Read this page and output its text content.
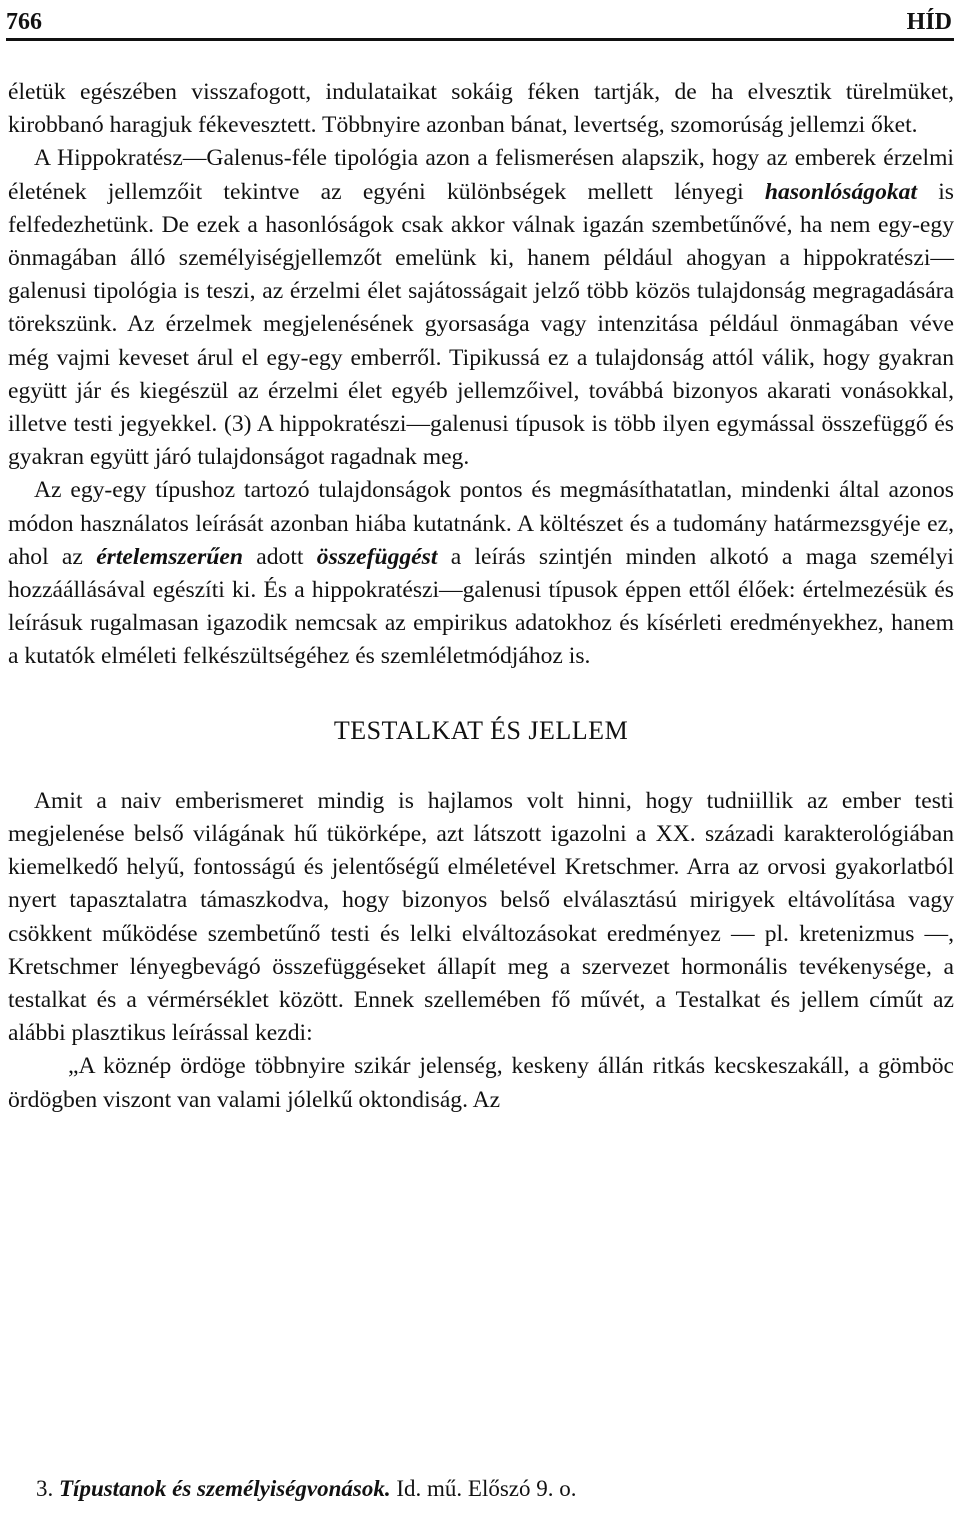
766	HÍD

életük egészében visszafogott, indulataikat sokáig féken tartják, de ha elvesztik türelmüket, kirobbanó haragjuk fékevesztett. Többnyire azonban bánat, levertség, szomorúság jellemzi őket.

A Hippokratész—Galenus-féle tipológia azon a felismerésen alapszik, hogy az emberek érzelmi életének jellemzőit tekintve az egyéni különbségek mellett lényegi hasonlóságokat is felfedezhetünk. De ezek a hasonlóságok csak akkor válnak igazán szembetűnővé, ha nem egy-egy önmagában álló személyiségjellemzőt emelünk ki, hanem például ahogyan a hippokratészi—galenusi tipológia is teszi, az érzelmi élet sajátosságait jelző több közös tulajdonság megragadására törekszünk. Az érzelmek megjelenésének gyorsasága vagy intenzitása például önmagában véve még vajmi keveset árul el egy-egy emberről. Tipikussá ez a tulajdonság attól válik, hogy gyakran együtt jár és kiegészül az érzelmi élet egyéb jellemzőivel, továbbá bizonyos akarati vonásokkal, illetve testi jegyekkel. (3) A hippokratészi—galenusi típusok is több ilyen egymással összefüggő és gyakran együtt járó tulajdonságot ragadnak meg.

Az egy-egy típushoz tartozó tulajdonságok pontos és megmásíthatatlan, mindenki által azonos módon használatos leírását azonban hiába kutatnánk. A költészet és a tudomány határmezsgyéje ez, ahol az értelemszerűen adott összefüggést a leírás szintjén minden alkotó a maga személyi hozzáállásával egészíti ki. És a hippokratészi—galenusi típusok éppen ettől élőek: értelmezésük és leírásuk rugalmasan igazodik nemcsak az empirikus adatokhoz és kísérleti eredményekhez, hanem a kutatók elméleti felkészültségéhez és szemléletmódjához is.

TESTALKAT ÉS JELLEM

Amit a naiv emberismeret mindig is hajlamos volt hinni, hogy tudniillik az ember testi megjelenése belső világának hű tükörképe, azt látszott igazolni a XX. századi karakterológiában kiemelkedő helyű, fontosságú és jelentőségű elméletével Kretschmer. Arra az orvosi gyakorlatból nyert tapasztalatra támaszkodva, hogy bizonyos belső elválasztású mirigyek eltávolítása vagy csökkent működése szembetűnő testi és lelki elváltozásokat eredményez — pl. kretenizmus —, Kretschmer lényegbevágó összefüggéseket állapít meg a szervezet hormonális tevékenysége, a testalkat és a vérmérséklet között. Ennek szellemében fő művét, a Testalkat és jellem címűt az alábbi plasztikus leírással kezdi:

„A köznép ördöge többnyire szikár jelenség, keskeny állán ritkás kecskeszakáll, a gömböc ördögben viszont van valami jólelkű oktondiság. Az

3. Típustanok és személyiségvonások. Id. mű. Előszó 9. o.
